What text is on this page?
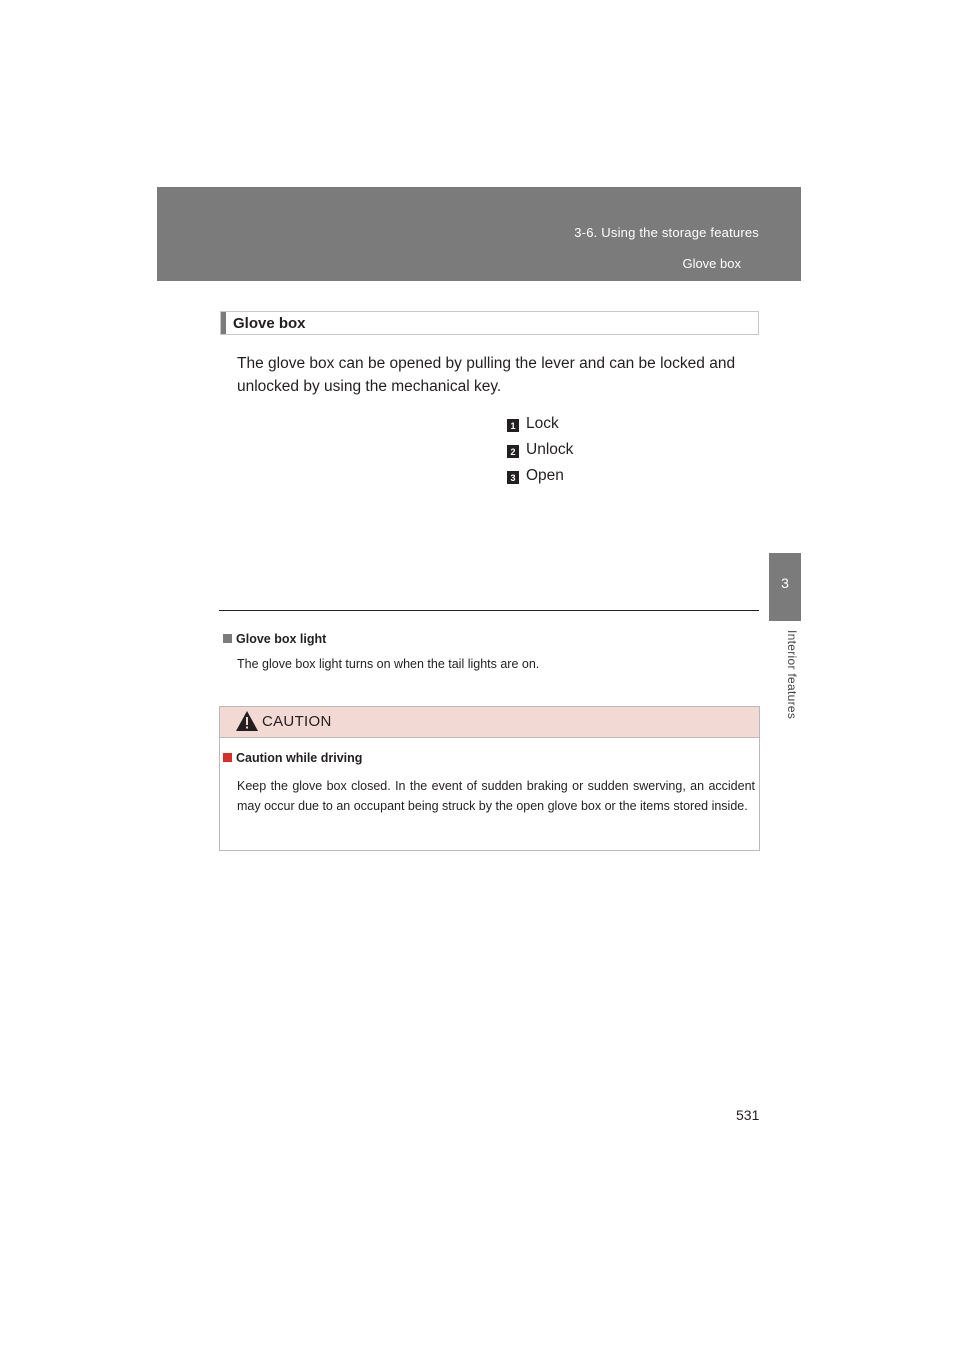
3-6. Using the storage features
Glove box
3
Interior features
Glove box
The glove box can be opened by pulling the lever and can be locked and unlocked by using the mechanical key.
1 Lock
2 Unlock
3 Open
Glove box light
The glove box light turns on when the tail lights are on.
CAUTION
Caution while driving
Keep the glove box closed. In the event of sudden braking or sudden swerving, an accident may occur due to an occupant being struck by the open glove box or the items stored inside.
531
